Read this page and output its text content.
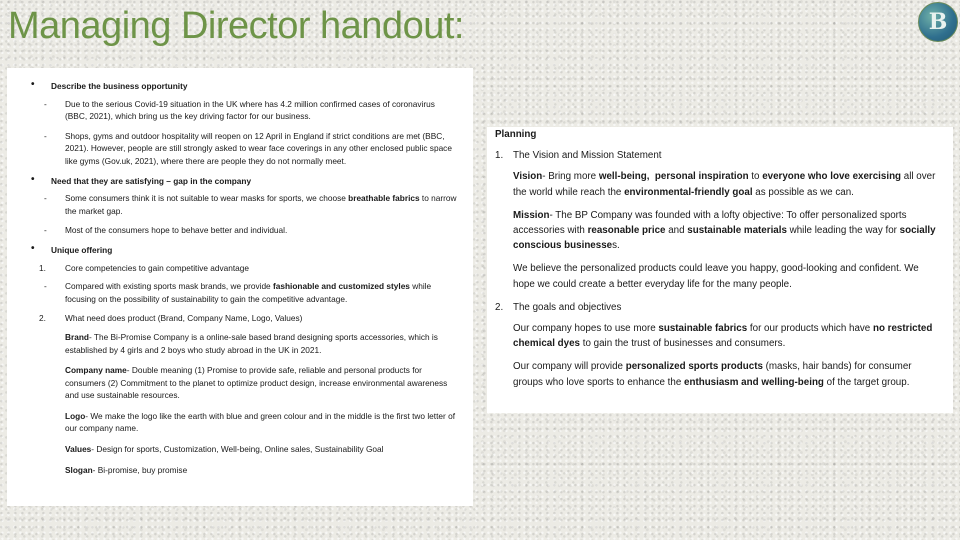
Managing Director handout:	B

• Describe the business opportunity

- Due to the serious Covid-19 situation in the UK where has 4.2 million confirmed cases of coronavirus (BBC, 2021), which bring us the key driving factor for our business.

- Shops, gyms and outdoor hospitality will reopen on 12 April in England if strict conditions are met (BBC, 2021). However, people are still strongly asked to wear face coverings in any other enclosed public space like gyms (Gov.uk, 2021), where there are people they do not normally meet.

• Need that they are satisfying – gap in the company

- Some consumers think it is not suitable to wear masks for sports, we choose breathable fabrics to narrow the market gap.

- Most of the consumers hope to behave better and individual.

• Unique offering

1. Core competencies to gain competitive advantage

- Compared with existing sports mask brands, we provide fashionable and customized styles while focusing on the possibility of sustainability to gain the competitive advantage.

2. What need does product (Brand, Company Name, Logo, Values)

Brand- The Bi-Promise Company is a online-sale based brand designing sports accessories, which is established by 4 girls and 2 boys who study abroad in the UK in 2021.

Company name- Double meaning (1) Promise to provide safe, reliable and personal products for consumers (2) Commitment to the planet to optimize product design, increase environmental awareness and use sustainable resources.

Logo- We make the logo like the earth with blue and green colour and in the middle is the first two letter of our company name.

Values- Design for sports, Customization, Well-being, Online sales, Sustainability Goal

Slogan- Bi-promise, buy promise

Planning

1. The Vision and Mission Statement

Vision- Bring more well-being, personal inspiration to everyone who love exercising all over the world while reach the environmental-friendly goal as possible as we can.

Mission- The BP Company was founded with a lofty objective: To offer personalized sports accessories with reasonable price and sustainable materials while leading the way for socially conscious businesses.

We believe the personalized products could leave you happy, good-looking and confident. We hope we could create a better everyday life for the many people.

2. The goals and objectives

Our company hopes to use more sustainable fabrics for our products which have no restricted chemical dyes to gain the trust of businesses and consumers.

Our company will provide personalized sports products (masks, hair bands) for consumer groups who love sports to enhance the enthusiasm and welling-being of the target group.
